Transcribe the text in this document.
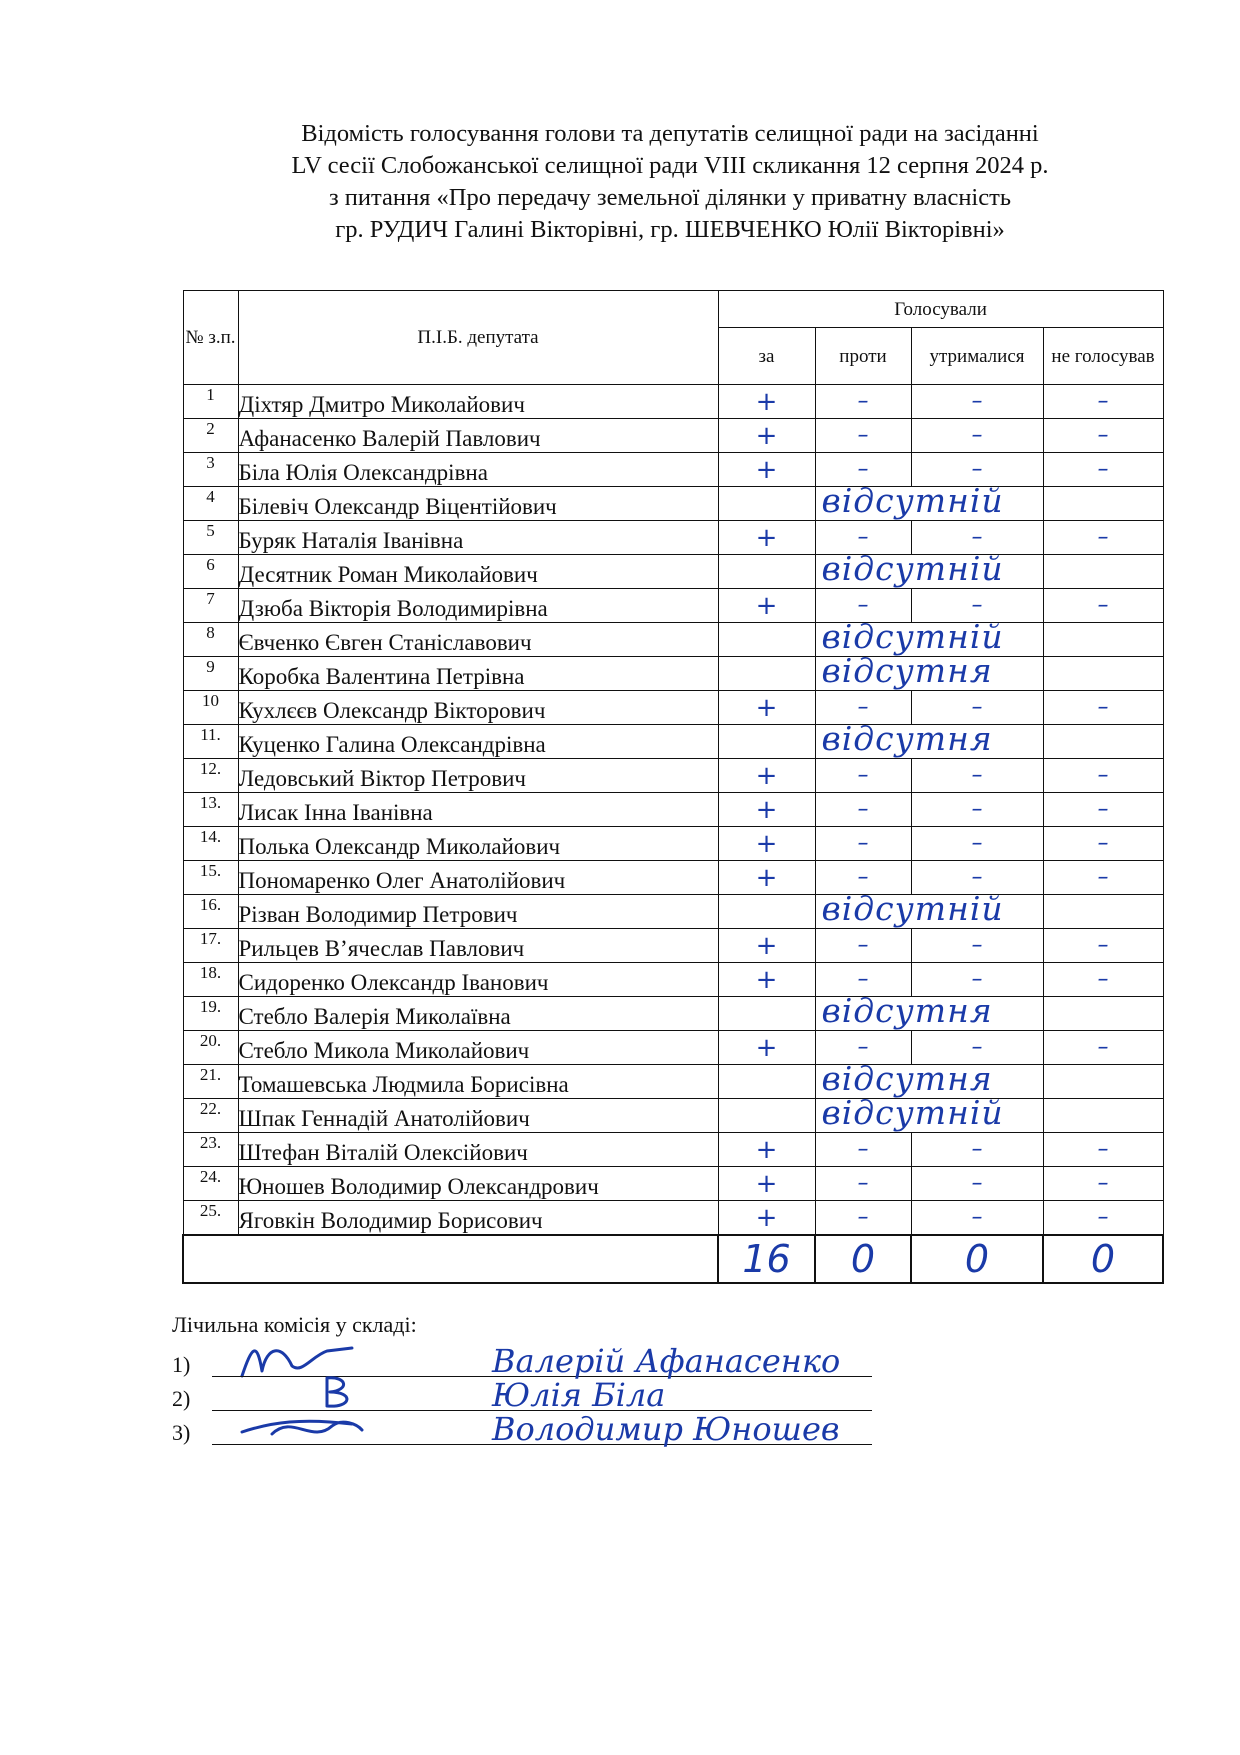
Відомість голосування голови та депутатів селищної ради на засіданні
LV сесії Слобожанської селищної ради VIII скликання 12 серпня 2024 р.
з питання «Про передачу земельної ділянки у приватну власність
гр. РУДИЧ Галині Вікторівні, гр. ШЕВЧЕНКО Юлії Вікторівні»
№ з.п.	П.І.Б. депутата	Голосували			
		за	проти	утрималися	не голосував
1	Діхтяр Дмитро Миколайович	+	–	–	–

2	Афанасенко Валерій Павлович	+	–	–	–

3	Біла Юлія Олександрівна	+	–	–	–

4	Білевіч Олександр Віцентійович		відсутній		

5	Буряк Наталія Іванівна	+	–	–	–

6	Десятник Роман Миколайович		відсутній		

7	Дзюба Вікторія Володимирівна	+	–	–	–

8	Євченко Євген Станіславович		відсутній		

9	Коробка Валентина Петрівна		відсутня		

10	Кухлєєв Олександр Вікторович	+	–	–	–

11.	Куценко Галина Олександрівна		відсутня		

12.	Ледовський Віктор Петрович	+	–	–	–

13.	Лисак Інна Іванівна	+	–	–	–

14.	Полька Олександр Миколайович	+	–	–	–

15.	Пономаренко Олег Анатолійович	+	–	–	–

16.	Різван Володимир Петрович		відсутній		

17.	Рильцев В’ячеслав Павлович	+	–	–	–

18.	Сидоренко Олександр Іванович	+	–	–	–

19.	Стебло Валерія Миколаївна		відсутня		

20.	Стебло Микола Миколайович	+	–	–	–

21.	Томашевська Людмила Борисівна		відсутня		

22.	Шпак Геннадій Анатолійович		відсутній		

23.	Штефан Віталій Олексійович	+	–	–	–

24.	Юношев Володимир Олександрович	+	–	–	–

25.	Яговкін Володимир Борисович	+	–	–	–

		16	0	0	0
Лічильна комісія у складі:
1)	Валерій Афанасенко
2)	Юлія Біла
3)	Володимир Юношев
